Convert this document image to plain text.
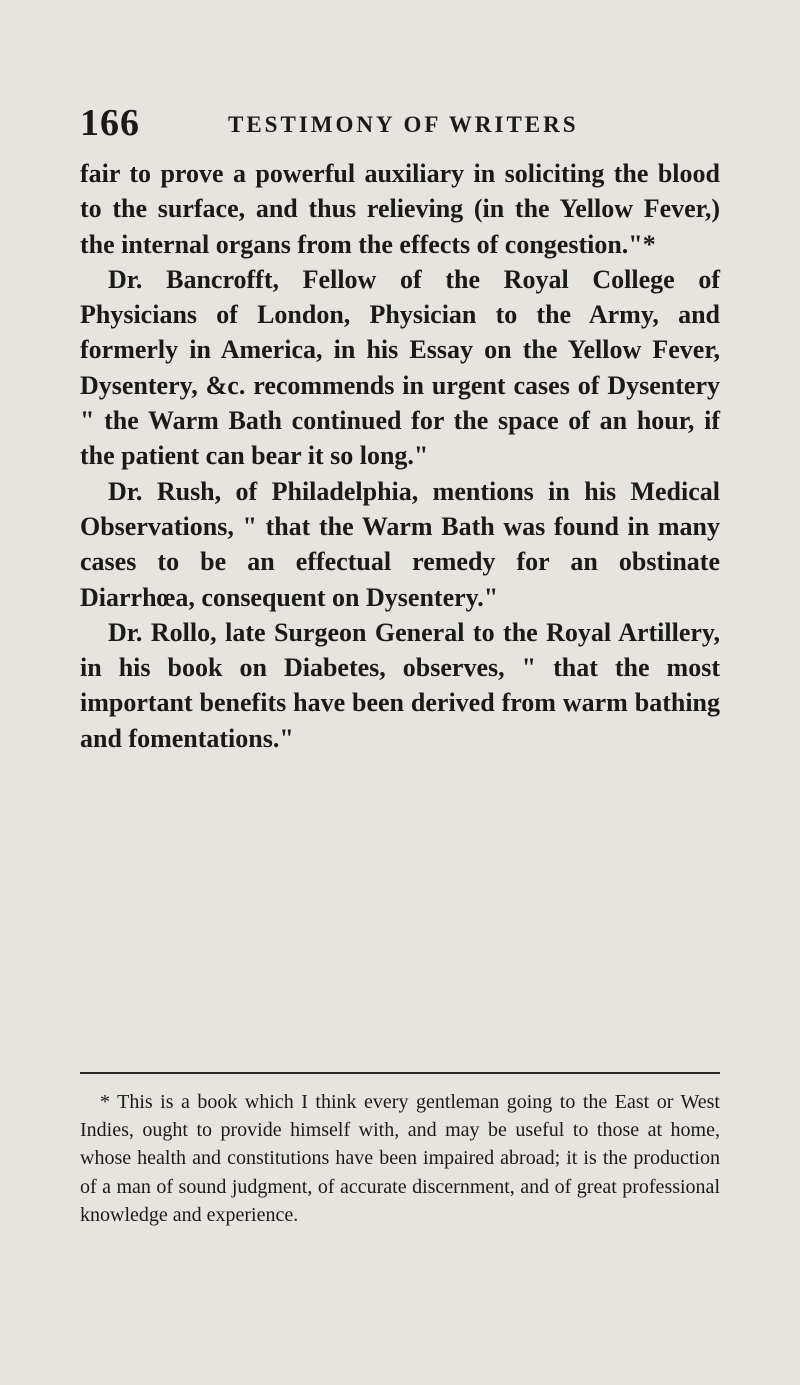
166	TESTIMONY OF WRITERS

fair to prove a powerful auxiliary in soliciting the blood to the surface, and thus relieving (in the Yellow Fever,) the internal organs from the effects of congestion."*

Dr. Bancrofft, Fellow of the Royal College of Physicians of London, Physician to the Army, and formerly in America, in his Essay on the Yellow Fever, Dysentery, &c. recommends in urgent cases of Dysentery " the Warm Bath continued for the space of an hour, if the patient can bear it so long."

Dr. Rush, of Philadelphia, mentions in his Medical Observations, " that the Warm Bath was found in many cases to be an effectual remedy for an obstinate Diarrhœa, consequent on Dysentery."

Dr. Rollo, late Surgeon General to the Royal Artillery, in his book on Diabetes, observes, " that the most important benefits have been derived from warm bathing and fomentations."

* This is a book which I think every gentleman going to the East or West Indies, ought to provide himself with, and may be useful to those at home, whose health and constitutions have been impaired abroad; it is the production of a man of sound judgment, of accurate discernment, and of great professional knowledge and experience.
